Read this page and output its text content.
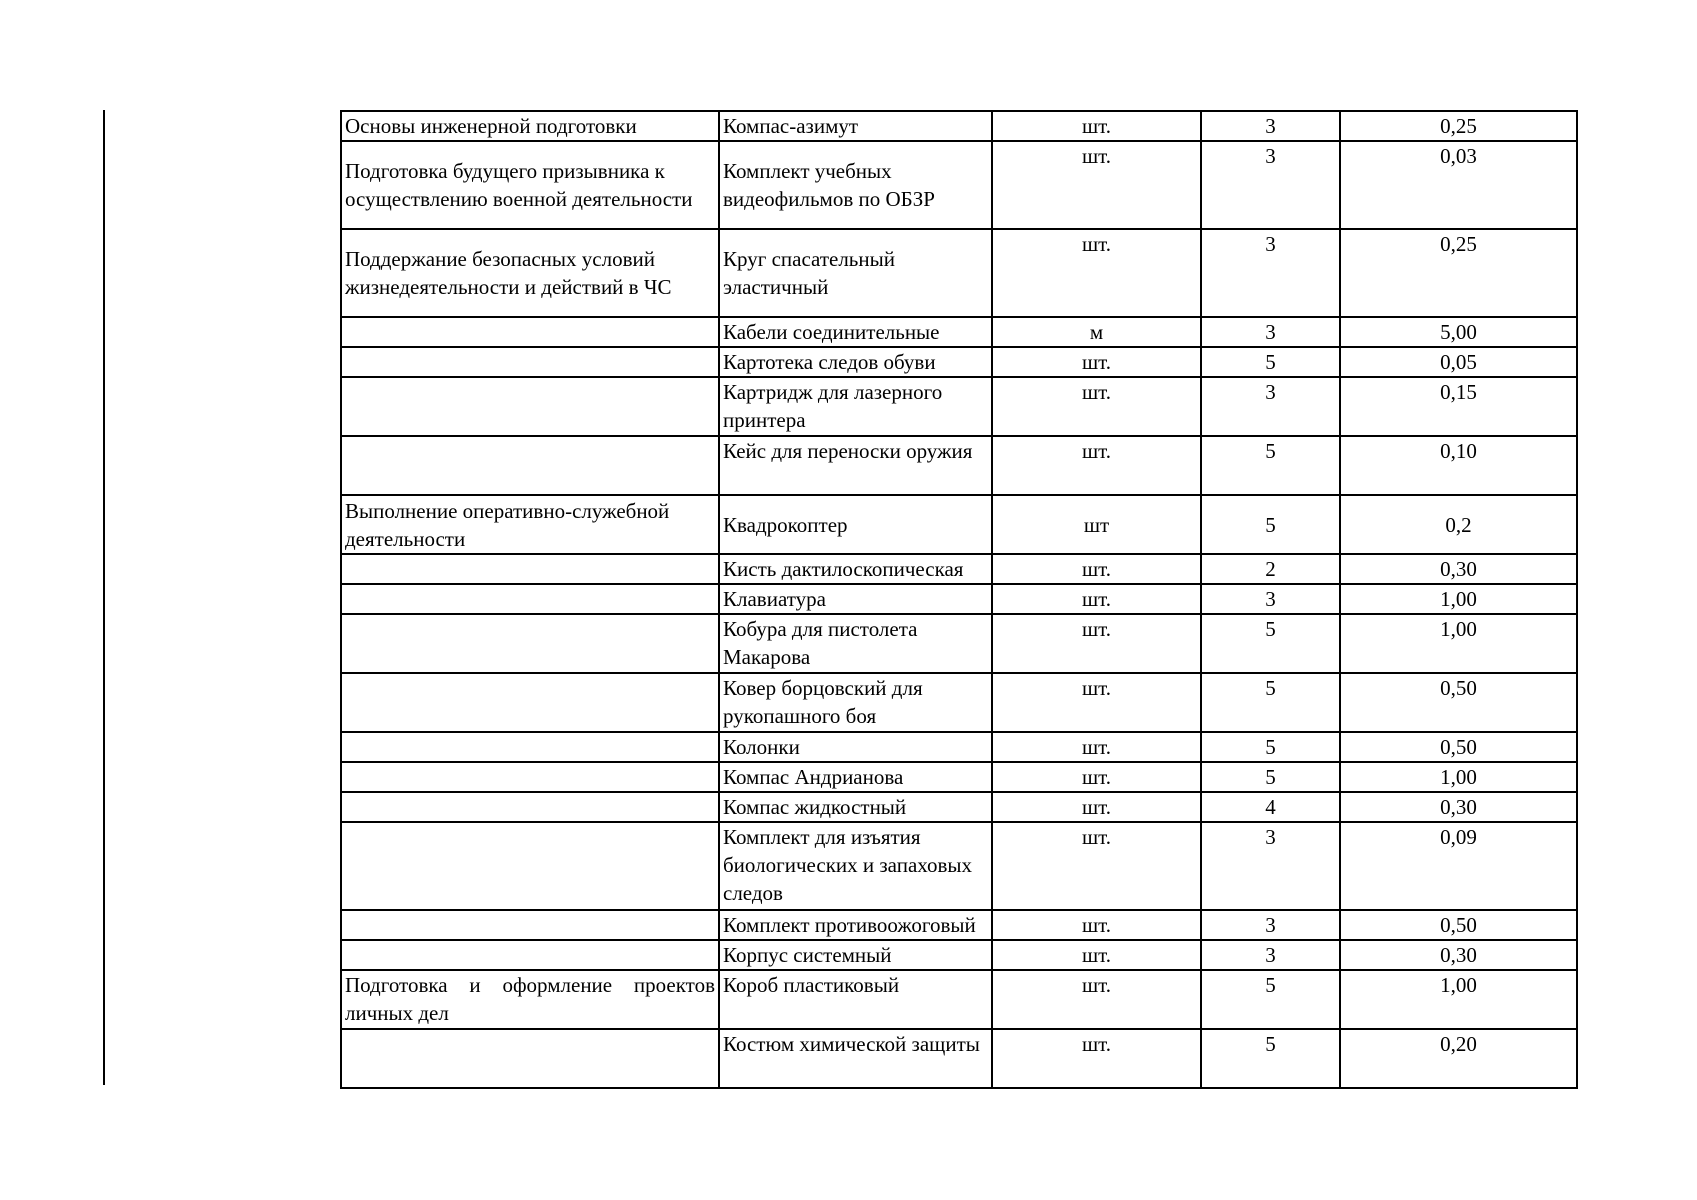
Основы инженерной подготовки	Компас-азимут	шт.	3	0,25
Подготовка будущего призывника к осуществлению военной деятельности	Комплект учебных видеофильмов по ОБЗР	шт.	3	0,03
Поддержание безопасных условий жизнедеятельности и действий в ЧС	Круг спасательный эластичный	шт.	3	0,25
	Кабели соединительные	м	3	5,00
	Картотека следов обуви	шт.	5	0,05
	Картридж для лазерного принтера	шт.	3	0,15
	Кейс для переноски оружия	шт.	5	0,10
Выполнение оперативно-служебной деятельности	Квадрокоптер	шт	5	0,2
	Кисть дактилоскопическая	шт.	2	0,30
	Клавиатура	шт.	3	1,00
	Кобура для пистолета Макарова	шт.	5	1,00
	Ковер борцовский для рукопашного боя	шт.	5	0,50
	Колонки	шт.	5	0,50
	Компас Андрианова	шт.	5	1,00
	Компас жидкостный	шт.	4	0,30
	Комплект для изъятия биологических и запаховых следов	шт.	3	0,09
	Комплект противоожоговый	шт.	3	0,50
	Корпус системный	шт.	3	0,30
Подготовка и оформление проектов личных дел	Короб пластиковый	шт.	5	1,00
	Костюм химической защиты	шт.	5	0,20
